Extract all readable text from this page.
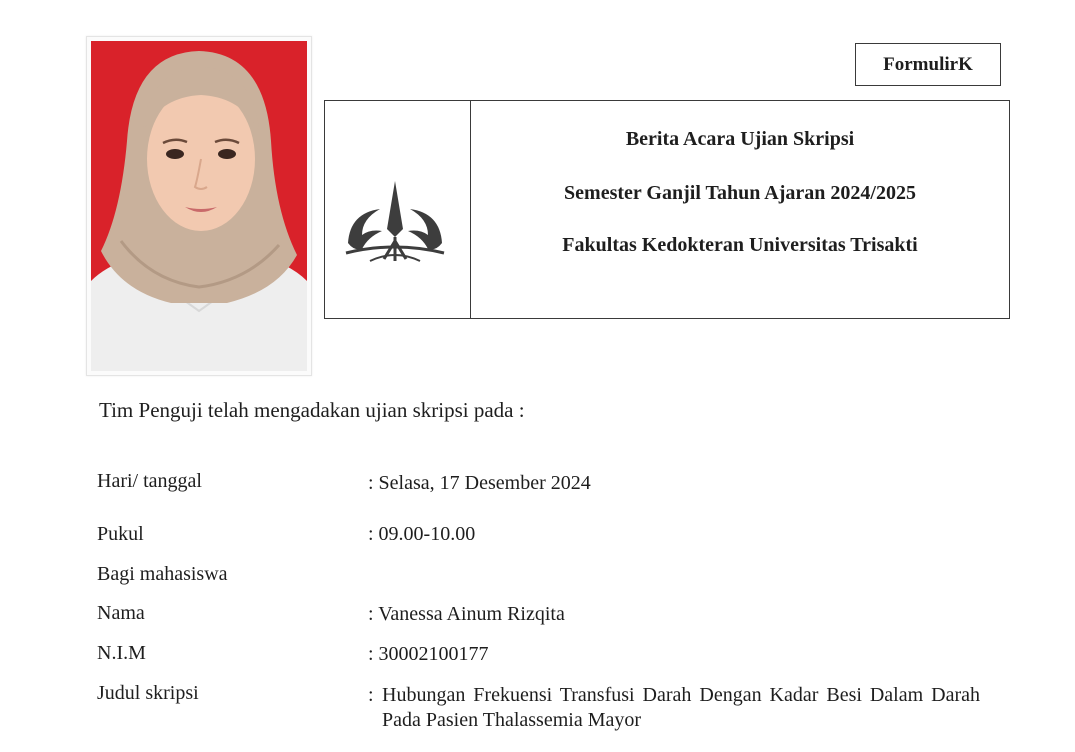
FormulirK
Berita Acara Ujian Skripsi
Semester Ganjil Tahun Ajaran 2024/2025
Fakultas Kedokteran Universitas Trisakti
Tim Penguji telah mengadakan ujian skripsi pada :
Hari/ tanggal	: Selasa, 17 Desember 2024
Pukul	: 09.00-10.00
Bagi mahasiswa
Nama	: Vanessa Ainum Rizqita
N.I.M	: 30002100177
Judul skripsi	: Hubungan Frekuensi Transfusi Darah Dengan Kadar Besi Dalam Darah Pada Pasien Thalassemia Mayor
